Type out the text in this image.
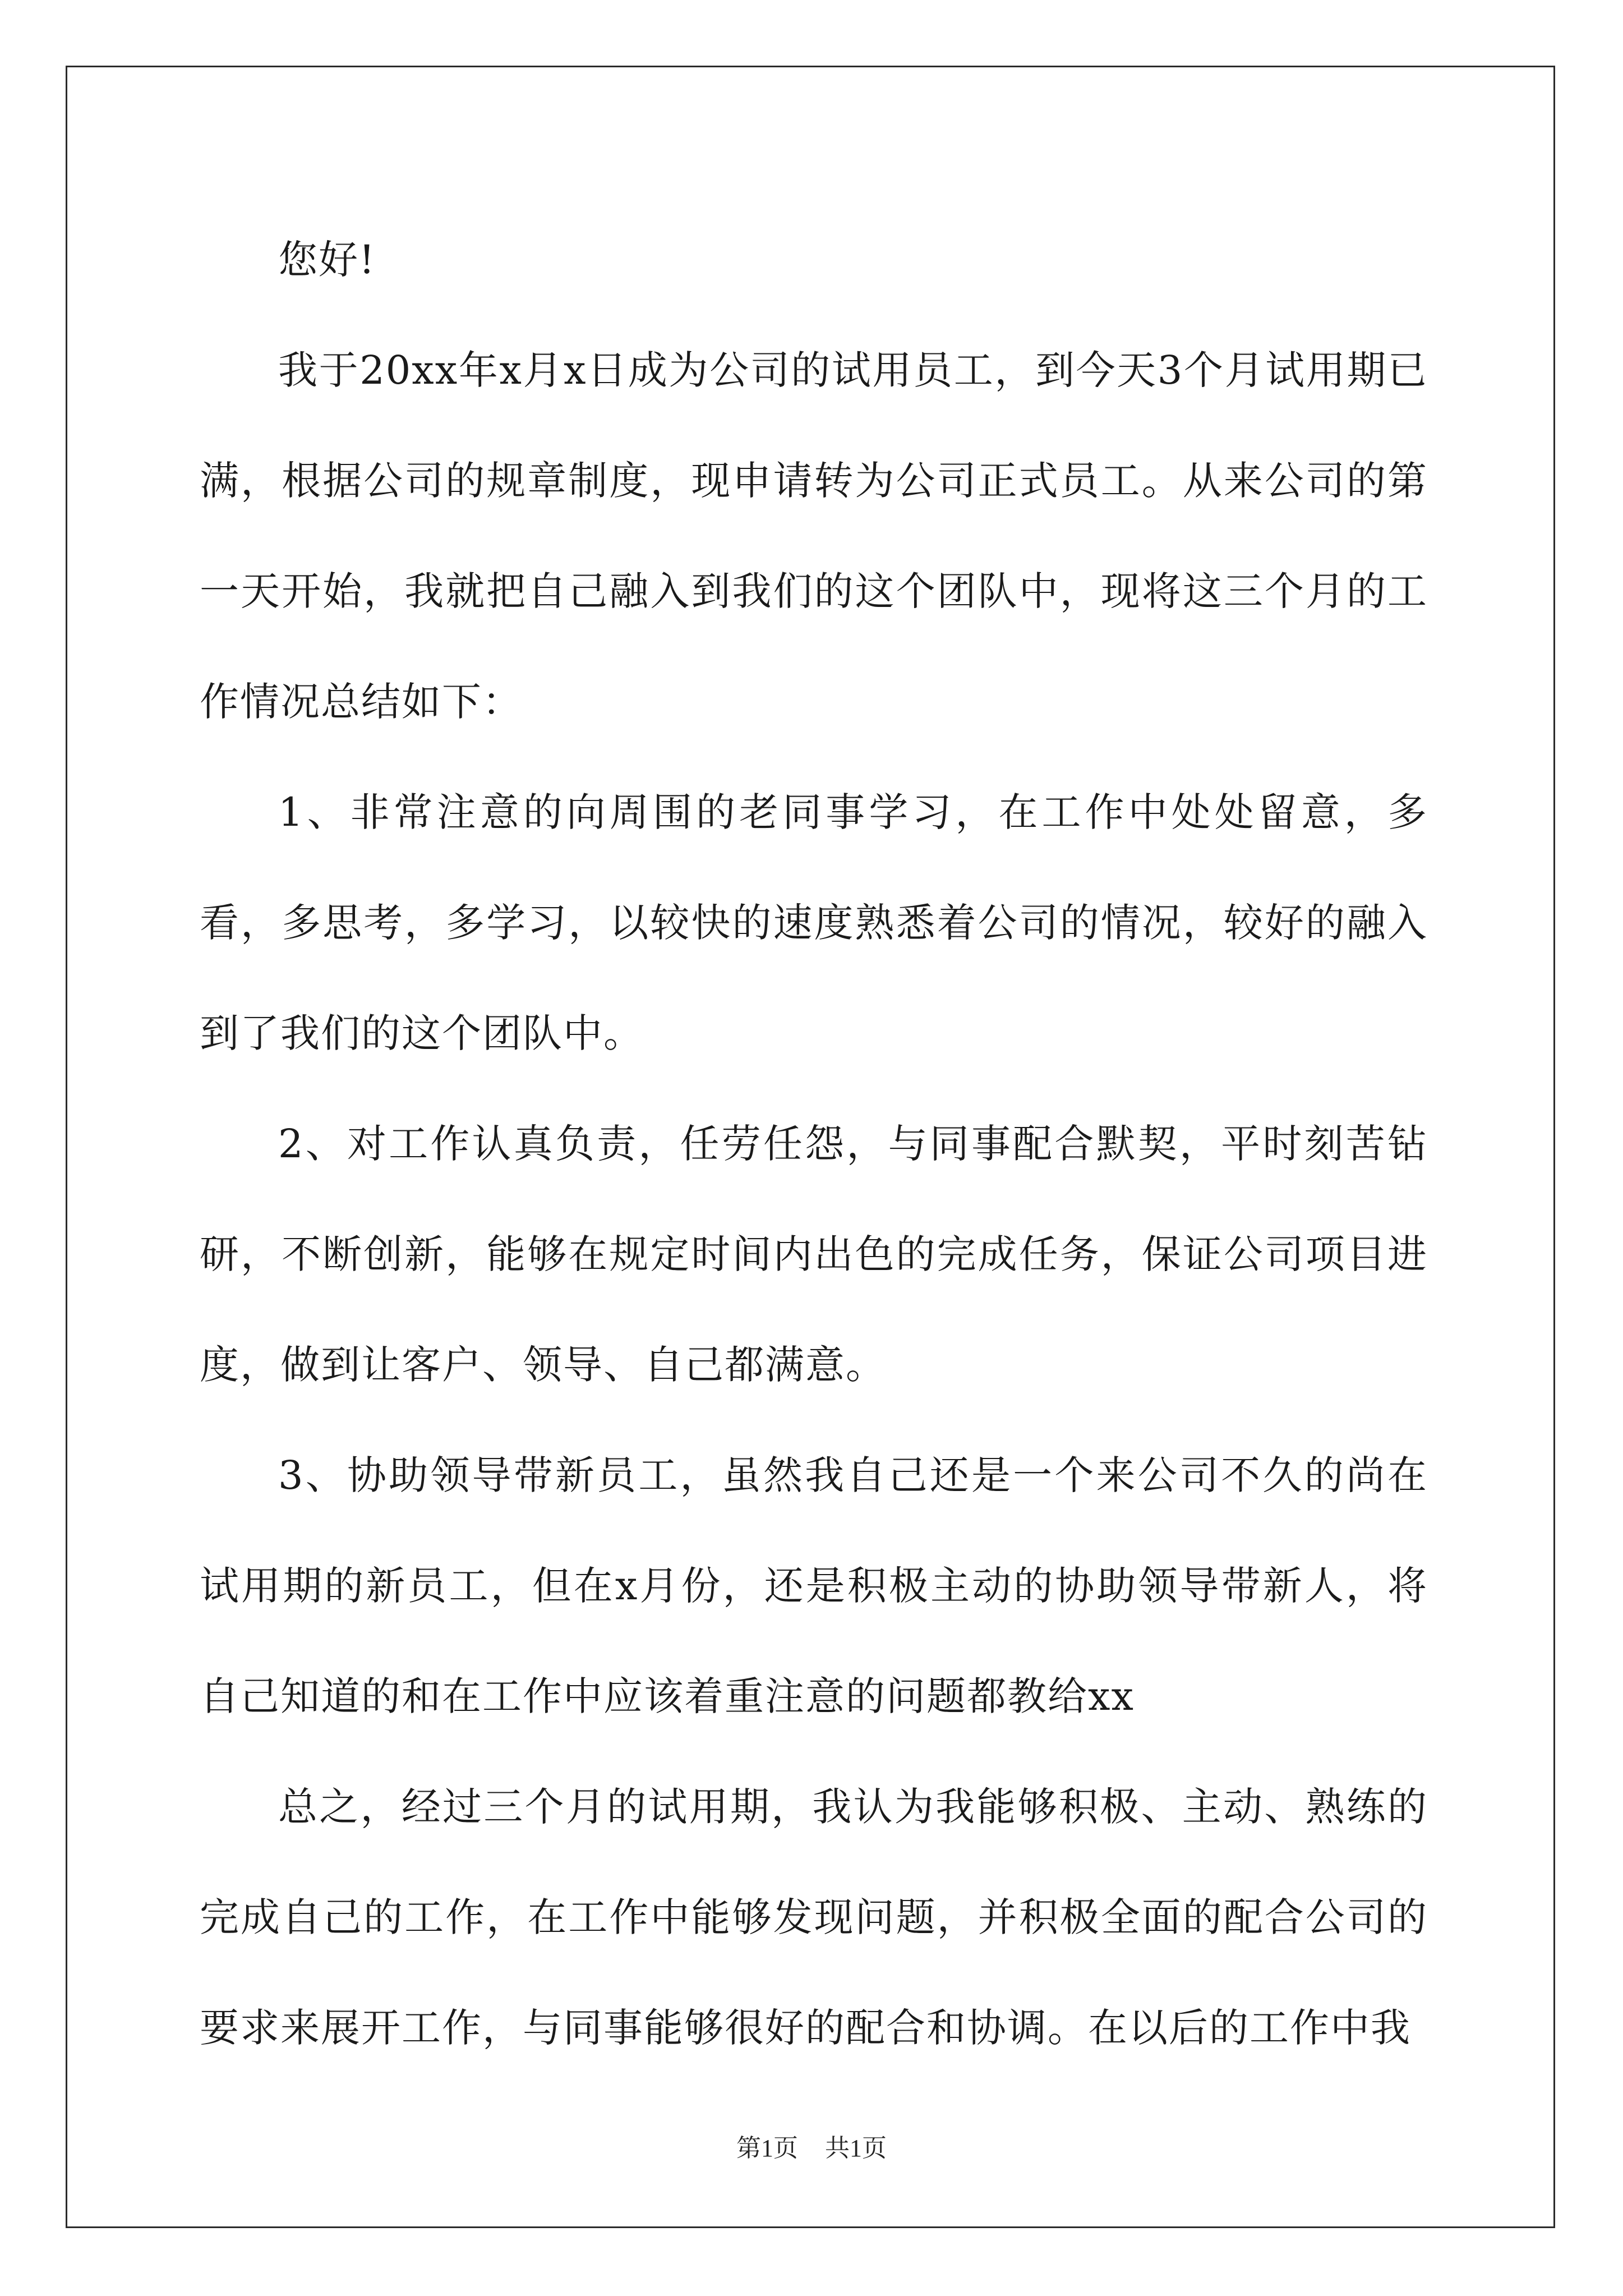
您好!

我于20xx年x月x日成为公司的试用员工，到今天3个月试用期已满，根据公司的规章制度，现申请转为公司正式员工。从来公司的第一天开始，我就把自己融入到我们的这个团队中，现将这三个月的工作情况总结如下：

1、非常注意的向周围的老同事学习，在工作中处处留意，多看，多思考，多学习，以较快的速度熟悉着公司的情况，较好的融入到了我们的这个团队中。

2、对工作认真负责，任劳任怨，与同事配合默契，平时刻苦钻研，不断创新，能够在规定时间内出色的完成任务，保证公司项目进度，做到让客户、领导、自己都满意。

3、协助领导带新员工，虽然我自己还是一个来公司不久的尚在试用期的新员工，但在x月份，还是积极主动的协助领导带新人，将自己知道的和在工作中应该着重注意的问题都教给xx

总之，经过三个月的试用期，我认为我能够积极、主动、熟练的完成自己的工作，在工作中能够发现问题，并积极全面的配合公司的要求来展开工作，与同事能够很好的配合和协调。在以后的工作中我

第1页 共1页
